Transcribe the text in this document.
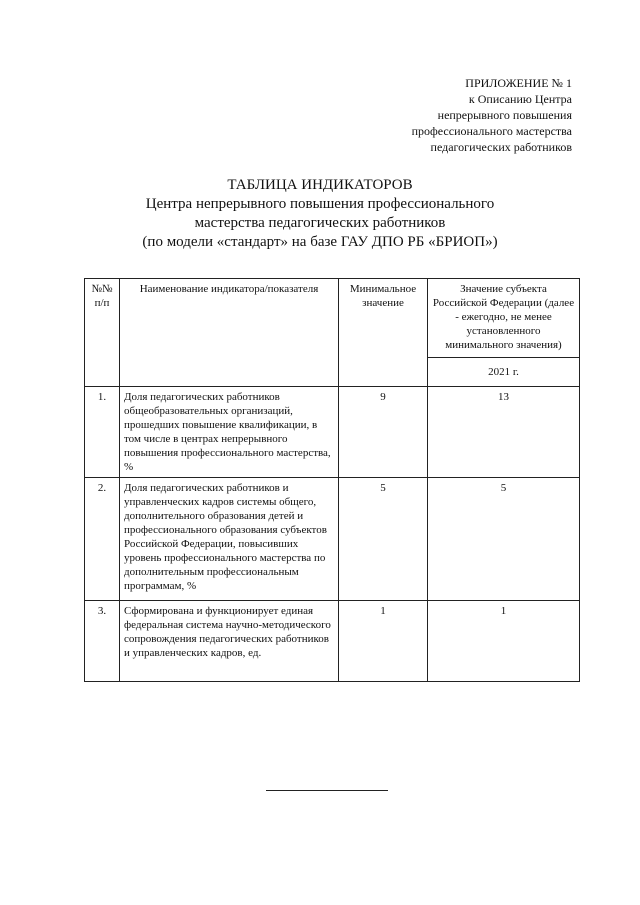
ПРИЛОЖЕНИЕ № 1
к Описанию Центра
непрерывного повышения
профессионального мастерства
педагогических работников
ТАБЛИЦА ИНДИКАТОРОВ
Центра непрерывного повышения профессионального
мастерства педагогических работников
(по модели «стандарт» на базе ГАУ ДПО РБ «БРИОП»)
№№ п/п	Наименование индикатора/показателя	Минимальное значение	Значение субъекта Российской Федерации (далее - ежегодно, не менее установленного минимального значения)
			2021 г.
1.	Доля педагогических работников общеобразовательных организаций, прошедших повышение квалификации, в том числе в центрах непрерывного повышения профессионального мастерства, %	9	13
2.	Доля педагогических работников и управленческих кадров системы общего, дополнительного образования детей и профессионального образования субъектов Российской Федерации, повысивших уровень профессионального мастерства по дополнительным профессиональным программам, %	5	5
3.	Сформирована и функционирует единая федеральная система научно-методического сопровождения педагогических работников и управленческих кадров, ед.	1	1
